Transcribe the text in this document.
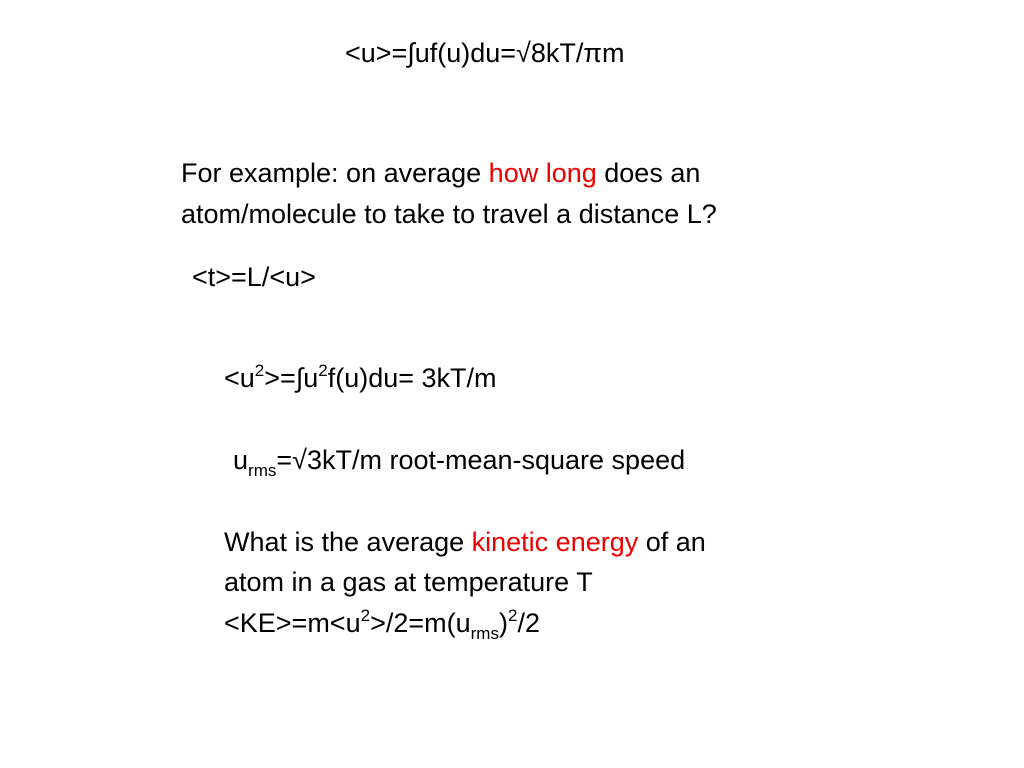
<u>=∫uf(u)du=√8kT/πm
For example: on average how long does an
atom/molecule to take to travel a distance L?
<t>=L/<u>
$<u^2>=\int u^2f(u)du= 3kT/m$
$u_{rms}=√3kT/m$ root-mean-square speed
What is the average kinetic energy of an
atom in a gas at temperature T
$<KE>=m<u^2>/2=m(u_{rms})^2/2$
